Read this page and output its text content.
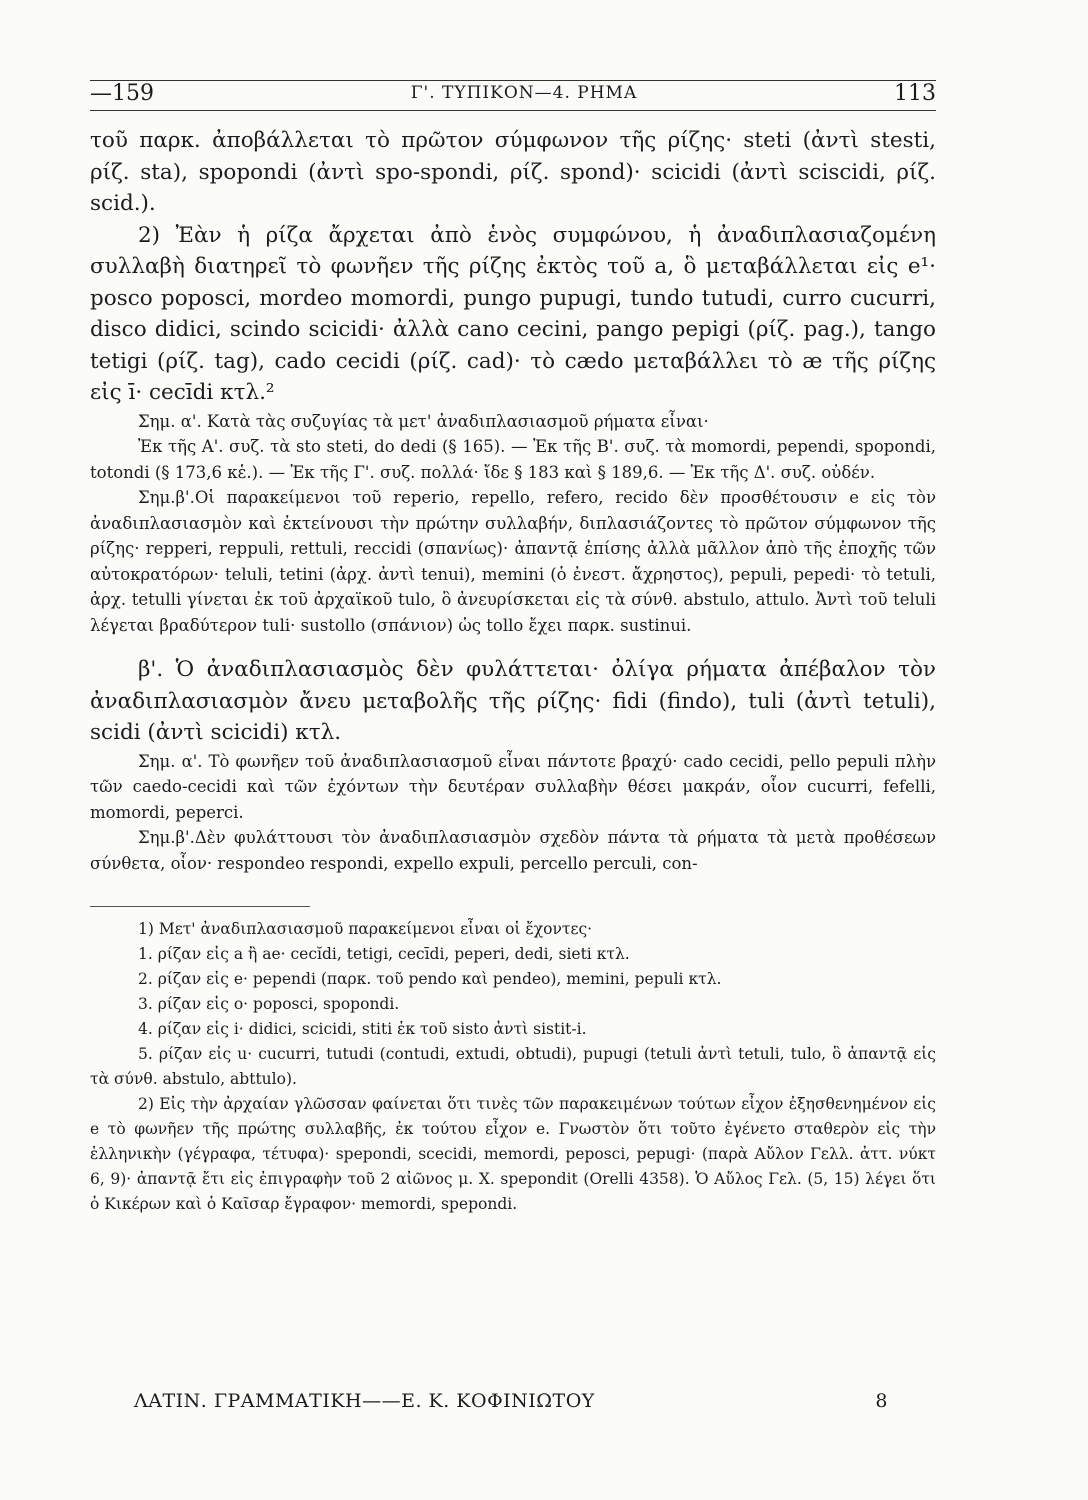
—159	Γ'. ΤΥΠΙΚΟΝ—4. ΡΗΜΑ	113

τοῦ παρκ. ἀποβάλλεται τὸ πρῶτον σύμφωνον τῆς ρίζης· steti (ἀντὶ stesti, ρίζ. sta), spopondi (ἀντὶ spo-spondi, ρίζ. spond)· scicidi (ἀντὶ sciscidi, ρίζ. scid.).

2) Ἐὰν ἡ ρίζα ἄρχεται ἀπὸ ἑνὸς συμφώνου, ἡ ἀναδιπλασιαζομένη συλλαβὴ διατηρεῖ τὸ φωνῆεν τῆς ρίζης ἐκτὸς τοῦ a, ὃ μεταβάλλεται εἰς e¹· posco poposci, mordeo momordi, pungo pupugi, tundo tutudi, curro cucurri, disco didici, scindo scicidi· ἀλλὰ cano cecini, pango pepigi (ρίζ. pag.), tango tetigi (ρίζ. tag), cado cecidi (ρίζ. cad)· τὸ cædo μεταβάλλει τὸ æ τῆς ρίζης εἰς ī· cecīdi κτλ.²

Σημ. α'. Κατὰ τὰς συζυγίας τὰ μετ' ἀναδιπλασιασμοῦ ρήματα εἶναι·

Ἐκ τῆς Α'. συζ. τὰ sto steti, do dedi (§ 165). — Ἐκ τῆς Β'. συζ. τὰ momordi, pependi, spopondi, totondi (§ 173,6 κἑ.). — Ἐκ τῆς Γ'. συζ. πολλά· ἴδε § 183 καὶ § 189,6. — Ἐκ τῆς Δ'. συζ. οὐδέν.

Σημ.β'.Οἱ παρακείμενοι τοῦ reperio, repello, refero, recido δὲν προσθέτουσιν e εἰς τὸν ἀναδιπλασιασμὸν καὶ ἐκτείνουσι τὴν πρώτην συλλαβήν, διπλασιάζοντες τὸ πρῶτον σύμφωνον τῆς ρίζης· repperi, reppuli, rettuli, reccidi (σπανίως)· ἀπαντᾷ ἐπίσης ἀλλὰ μᾶλλον ἀπὸ τῆς ἐποχῆς τῶν αὐτοκρατόρων· teluli, tetini (ἀρχ. ἀντὶ tenui), memini (ὁ ἐνεστ. ἄχρηστος), pepuli, pepedi· τὸ tetuli, ἀρχ. tetulli γίνεται ἐκ τοῦ ἀρχαϊκοῦ tulo, ὃ ἀνευρίσκεται εἰς τὰ σύνθ. abstulo, attulo. Ἀντὶ τοῦ teluli λέγεται βραδύτερον tuli· sustollo (σπάνιον) ὡς tollo ἔχει παρκ. sustinui.

β'. Ὁ ἀναδιπλασιασμὸς δὲν φυλάττεται· ὀλίγα ρήματα ἀπέβαλον τὸν ἀναδιπλασιασμὸν ἄνευ μεταβολῆς τῆς ρίζης· fidi (findo), tuli (ἀντὶ tetuli), scidi (ἀντὶ scicidi) κτλ.

Σημ. α'. Τὸ φωνῆεν τοῦ ἀναδιπλασιασμοῦ εἶναι πάντοτε βραχύ· cado cecidi, pello pepuli πλὴν τῶν caedo-cecidi καὶ τῶν ἐχόντων τὴν δευτέραν συλλαβὴν θέσει μακράν, οἷον cucurri, fefelli, momordi, peperci.

Σημ.β'.Δὲν φυλάττουσι τὸν ἀναδιπλασιασμὸν σχεδὸν πάντα τὰ ρήματα τὰ μετὰ προθέσεων σύνθετα, οἷον· respondeo respondi, expello expuli, percello perculi, con-

1) Μετ' ἀναδιπλασιασμοῦ παρακείμενοι εἶναι οἱ ἔχοντες·

1. ρίζαν εἰς a ἢ ae· cecĭdi, tetigi, cecīdi, peperi, dedi, sieti κτλ.

2. ρίζαν εἰς e· pependi (παρκ. τοῦ pendo καὶ pendeo), memini, pepuli κτλ.

3. ρίζαν εἰς o· poposci, spopondi.

4. ρίζαν εἰς i· didici, scicidi, stiti ἐκ τοῦ sisto ἀντὶ sistit-i.

5. ρίζαν εἰς u· cucurri, tutudi (contudi, extudi, obtudi), pupugi (tetuli ἀντὶ tetuli, tulo, ὃ ἀπαντᾷ εἰς τὰ σύνθ. abstulo, abttulo).

2) Εἰς τὴν ἀρχαίαν γλῶσσαν φαίνεται ὅτι τινὲς τῶν παρακειμένων τούτων εἶχον ἐξησθενημένον εἰς e τὸ φωνῆεν τῆς πρώτης συλλαβῆς, ἐκ τούτου εἶχον e. Γνωστὸν ὅτι τοῦτο ἐγένετο σταθερὸν εἰς τὴν ἑλληνικὴν (γέγραφα, τέτυφα)· spepondi, scecidi, memordi, peposci, pepugi· (παρὰ Αὔλον Γελλ. ἀττ. νύκτ 6, 9)· ἀπαντᾷ ἔτι εἰς ἐπιγραφὴν τοῦ 2 αἰῶνος μ. Χ. spepondit (Orelli 4358). Ὁ Αὔλος Γελ. (5, 15) λέγει ὅτι ὁ Κικέρων καὶ ὁ Καῖσαρ ἔγραφον· memordi, spepondi.

ΛΑΤΙΝ. ΓΡΑΜΜΑΤΙΚΗ——Ε. Κ. ΚΟΦΙΝΙΩΤΟΥ	8
